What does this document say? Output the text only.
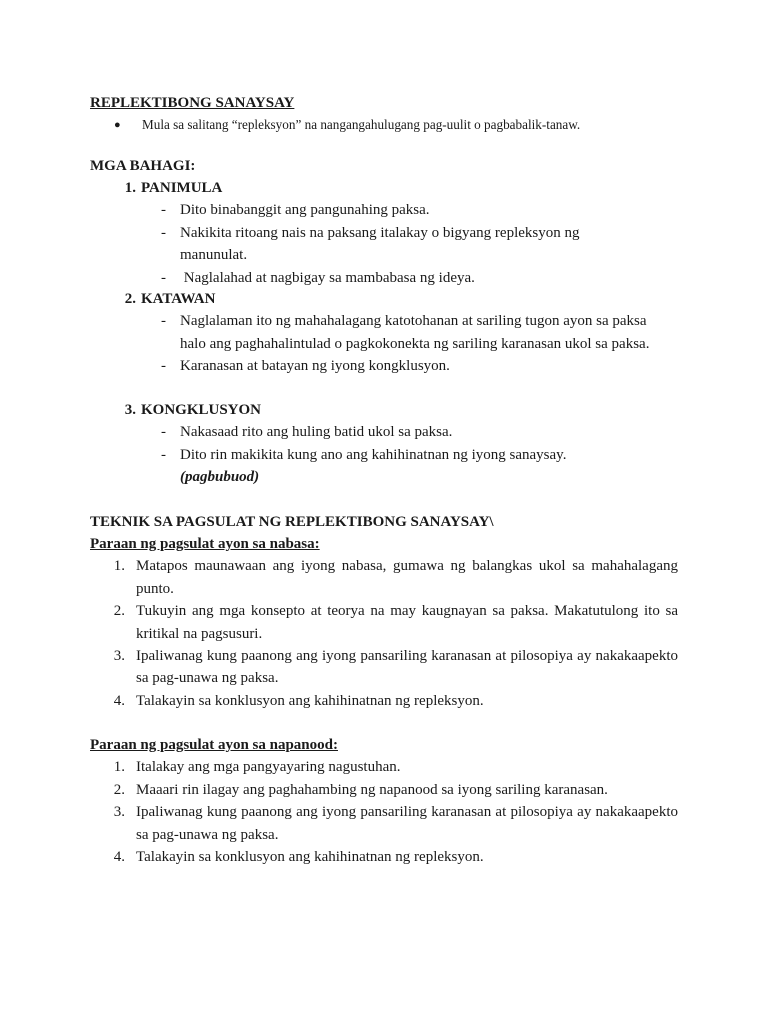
REPLEKTIBONG SANAYSAY
●	Mula sa salitang “repleksyon” na nangangahulugang pag-uulit o pagbabalik-tanaw.
MGA BAHAGI:
1. PANIMULA
- Dito binabanggit ang pangunahing paksa.
- Nakikita ritoang nais na paksang italakay o bigyang repleksyon ng manunulat.
- Naglalahad at nagbigay sa mambabasa ng ideya.
2. KATAWAN
- Naglalaman ito ng mahahalagang katotohanan at sariling tugon ayon sa paksa halo ang paghahalintulad o pagkokonekta ng sariling karanasan ukol sa paksa.
- Karanasan at batayan ng iyong kongklusyon.
3. KONGKLUSYON
- Nakasaad rito ang huling batid ukol sa paksa.
- Dito rin makikita kung ano ang kahihinatnan ng iyong sanaysay.
(pagbubuod)
TEKNIK SA PAGSULAT NG REPLEKTIBONG SANAYSAY\
Paraan ng pagsulat ayon sa nabasa:
1. Matapos maunawaan ang iyong nabasa, gumawa ng balangkas ukol sa mahahalagang punto.
2. Tukuyin ang mga konsepto at teorya na may kaugnayan sa paksa. Makatutulong ito sa kritikal na pagsusuri.
3. Ipaliwanag kung paanong ang iyong pansariling karanasan at pilosopiya ay nakakaapekto sa pag-unawa ng paksa.
4. Talakayin sa konklusyon ang kahihinatnan ng repleksyon.
Paraan ng pagsulat ayon sa napanood:
1. Italakay ang mga pangyayaring nagustuhan.
2. Maaari rin ilagay ang paghahambing ng napanood sa iyong sariling karanasan.
3. Ipaliwanag kung paanong ang iyong pansariling karanasan at pilosopiya ay nakakaapekto sa pag-unawa ng paksa.
4. Talakayin sa konklusyon ang kahihinatnan ng repleksyon.
